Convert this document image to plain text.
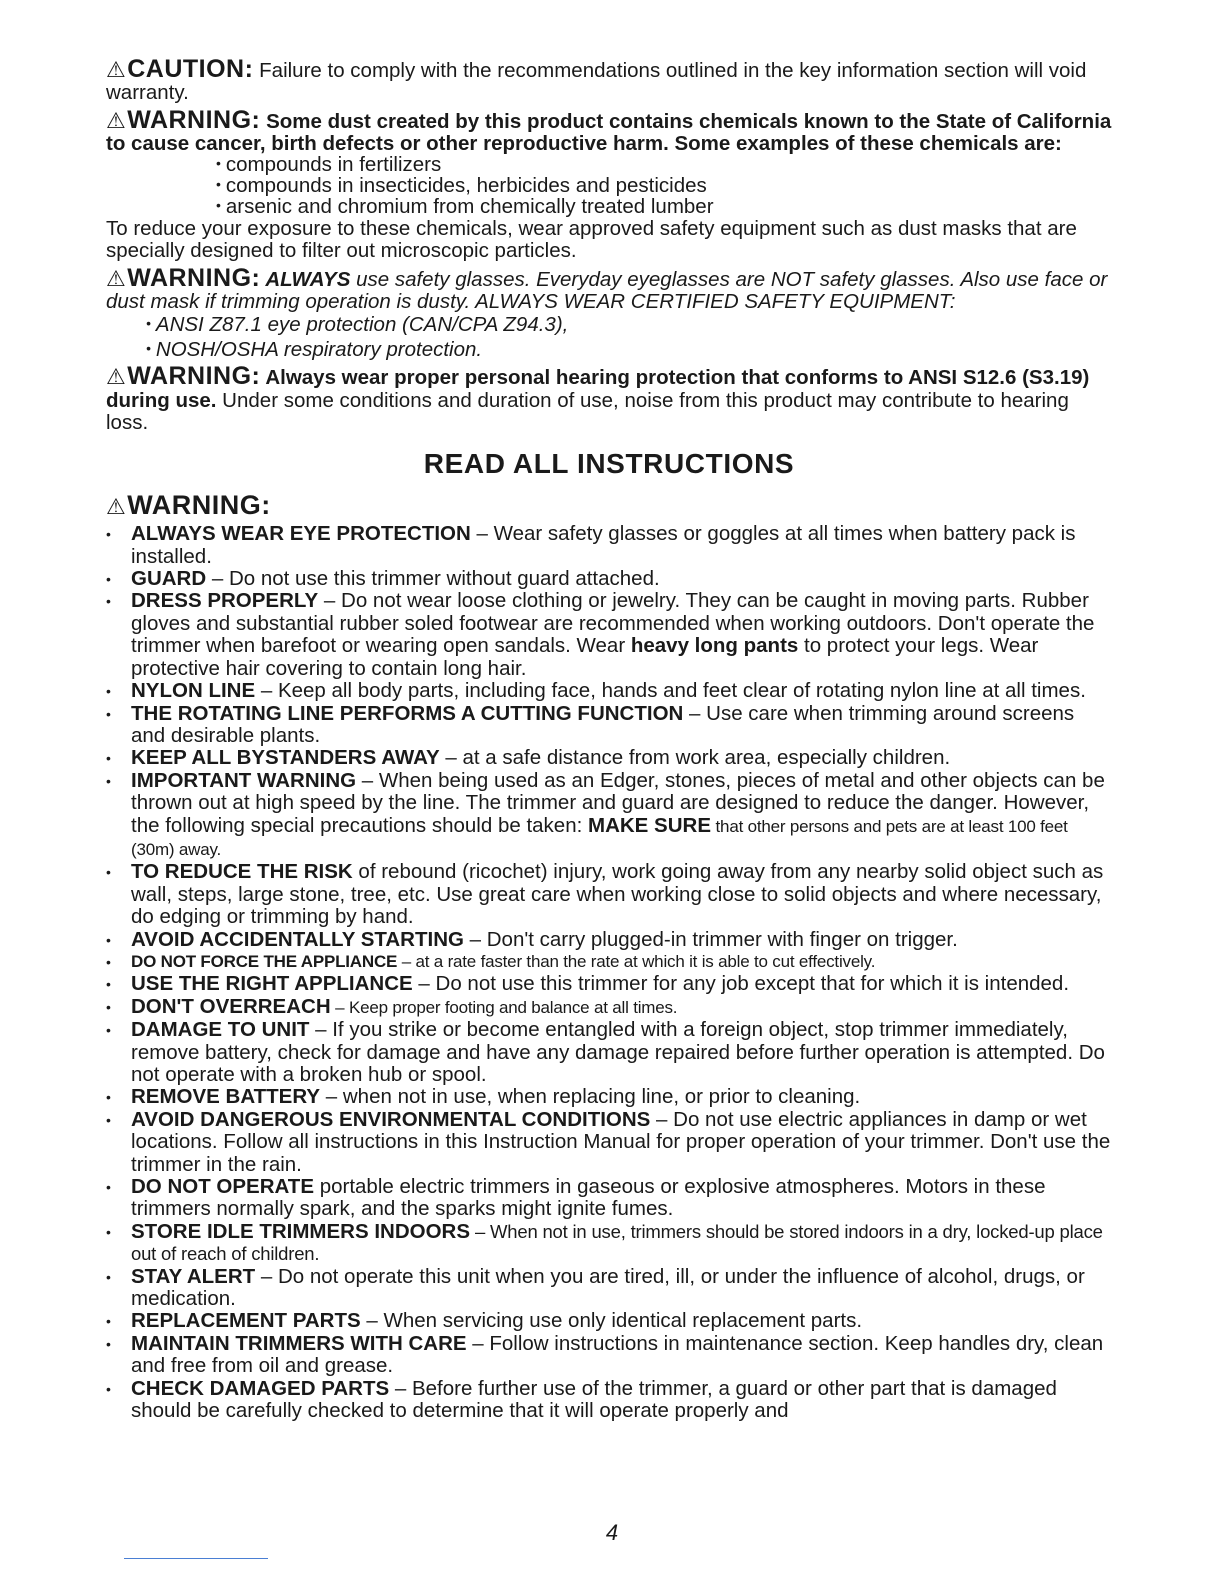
⚠CAUTION: Failure to comply with the recommendations outlined in the key information section will void warranty.

⚠WARNING: Some dust created by this product contains chemicals known to the State of California to cause cancer, birth defects or other reproductive harm. Some examples of these chemicals are:

• compounds in fertilizers
• compounds in insecticides, herbicides and pesticides
• arsenic and chromium from chemically treated lumber

To reduce your exposure to these chemicals, wear approved safety equipment such as dust masks that are specially designed to filter out microscopic particles.

⚠WARNING: ALWAYS use safety glasses. Everyday eyeglasses are NOT safety glasses. Also use face or dust mask if trimming operation is dusty. ALWAYS WEAR CERTIFIED SAFETY EQUIPMENT:

• ANSI Z87.1 eye protection (CAN/CPA Z94.3),
• NOSH/OSHA respiratory protection.

⚠WARNING: Always wear proper personal hearing protection that conforms to ANSI S12.6 (S3.19) during use. Under some conditions and duration of use, noise from this product may contribute to hearing loss.

READ ALL INSTRUCTIONS
⚠WARNING:
• ALWAYS WEAR EYE PROTECTION – Wear safety glasses or goggles at all times when battery pack is installed.
• GUARD – Do not use this trimmer without guard attached.
• DRESS PROPERLY – Do not wear loose clothing or jewelry. They can be caught in moving parts. Rubber gloves and substantial rubber soled footwear are recommended when working outdoors. Don't operate the trimmer when barefoot or wearing open sandals. Wear heavy long pants to protect your legs. Wear protective hair covering to contain long hair.
• NYLON LINE – Keep all body parts, including face, hands and feet clear of rotating nylon line at all times.
• THE ROTATING LINE PERFORMS A CUTTING FUNCTION – Use care when trimming around screens and desirable plants.
• KEEP ALL BYSTANDERS AWAY – at a safe distance from work area, especially children.
• IMPORTANT WARNING – When being used as an Edger, stones, pieces of metal and other objects can be thrown out at high speed by the line. The trimmer and guard are designed to reduce the danger. However, the following special precautions should be taken: MAKE SURE that other persons and pets are at least 100 feet (30m) away.
• TO REDUCE THE RISK of rebound (ricochet) injury, work going away from any nearby solid object such as wall, steps, large stone, tree, etc. Use great care when working close to solid objects and where necessary, do edging or trimming by hand.
• AVOID ACCIDENTALLY STARTING – Don't carry plugged-in trimmer with finger on trigger.
• DO NOT FORCE THE APPLIANCE – at a rate faster than the rate at which it is able to cut effectively.
• USE THE RIGHT APPLIANCE – Do not use this trimmer for any job except that for which it is intended.
• DON'T OVERREACH – Keep proper footing and balance at all times.
• DAMAGE TO UNIT – If you strike or become entangled with a foreign object, stop trimmer immediately, remove battery, check for damage and have any damage repaired before further operation is attempted. Do not operate with a broken hub or spool.
• REMOVE BATTERY – when not in use, when replacing line, or prior to cleaning.
• AVOID DANGEROUS ENVIRONMENTAL CONDITIONS – Do not use electric appliances in damp or wet locations. Follow all instructions in this Instruction Manual for proper operation of your trimmer. Don't use the trimmer in the rain.
• DO NOT OPERATE portable electric trimmers in gaseous or explosive atmospheres. Motors in these trimmers normally spark, and the sparks might ignite fumes.
• STORE IDLE TRIMMERS INDOORS – When not in use, trimmers should be stored indoors in a dry, locked-up place out of reach of children.
• STAY ALERT – Do not operate this unit when you are tired, ill, or under the influence of alcohol, drugs, or medication.
• REPLACEMENT PARTS – When servicing use only identical replacement parts.
• MAINTAIN TRIMMERS WITH CARE – Follow instructions in maintenance section. Keep handles dry, clean and free from oil and grease.
• CHECK DAMAGED PARTS – Before further use of the trimmer, a guard or other part that is damaged should be carefully checked to determine that it will operate properly and
4
